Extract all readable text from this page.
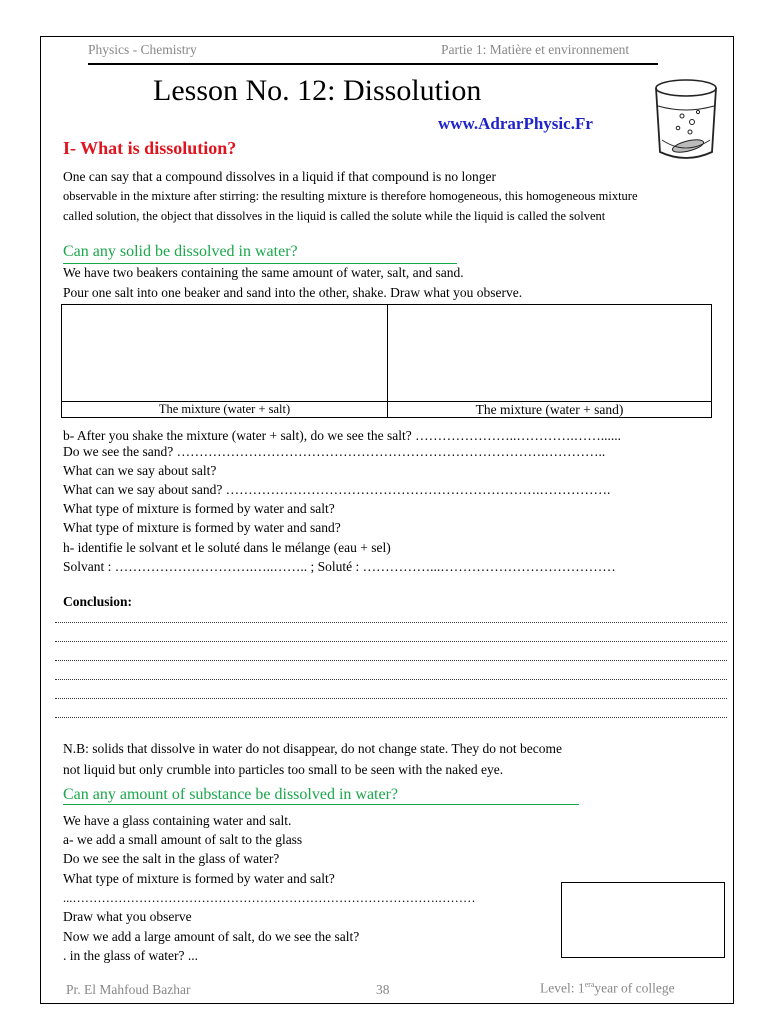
Physics - Chemistry	Partie 1: Matière et environnement
Lesson No. 12: Dissolution
www.AdrarPhysic.Fr
I- What is dissolution?
One can say that a compound dissolves in a liquid if that compound is no longer
observable in the mixture after stirring: the resulting mixture is therefore homogeneous, this homogeneous mixture
called solution, the object that dissolves in the liquid is called the solute while the liquid is called the solvent
Can any solid be dissolved in water?
We have two beakers containing the same amount of water, salt, and sand.
Pour one salt into one beaker and sand into the other, shake. Draw what you observe.
The mixture (water + salt)	The mixture (water + sand)
b- After you shake the mixture (water + salt), do we see the salt? …………………..………….……......
Do we see the sand? ……………………………………………………………………….…………..
What can we say about salt?
What can we say about sand? …………………………………………………………….…………….
What type of mixture is formed by water and salt?
What type of mixture is formed by water and sand?
h- identifie le solvant et le soluté dans le mélange (eau + sel)
Solvant : ………………………….…..…….. ; Soluté : ……………...…………………………………
Conclusion:
N.B: solids that dissolve in water do not disappear, do not change state. They do not become
not liquid but only crumble into particles too small to be seen with the naked eye.
Can any amount of substance be dissolved in water?
We have a glass containing water and salt.
a- we add a small amount of salt to the glass
Do we see the salt in the glass of water?
What type of mixture is formed by water and salt?
...…………………………………………………………………………….………
Draw what you observe
Now we add a large amount of salt, do we see the salt?
. in the glass of water? ...
Pr. El Mahfoud Bazhar	38	Level: $1^{era}year$ of college
